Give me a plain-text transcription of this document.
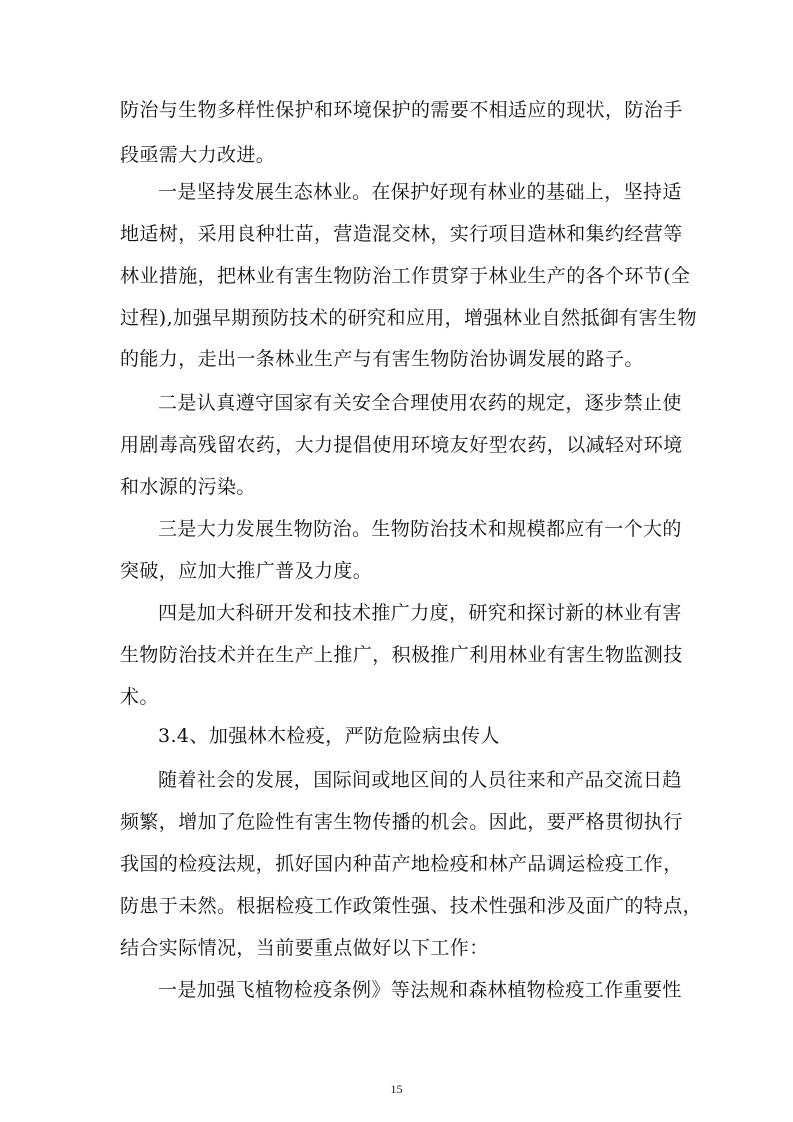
防治与生物多样性保护和环境保护的需要不相适应的现状，防治手
段亟需大力改进。
一是坚持发展生态林业。在保护好现有林业的基础上，坚持适
地适树，采用良种壮苗，营造混交林，实行项目造林和集约经营等
林业措施，把林业有害生物防治工作贯穿于林业生产的各个环节(全
过程),加强早期预防技术的研究和应用，增强林业自然抵御有害生物
的能力，走出一条林业生产与有害生物防治协调发展的路子。
二是认真遵守国家有关安全合理使用农药的规定，逐步禁止使
用剧毒高残留农药，大力提倡使用环境友好型农药，以减轻对环境
和水源的污染。
三是大力发展生物防治。生物防治技术和规模都应有一个大的
突破，应加大推广普及力度。
四是加大科研开发和技术推广力度，研究和探讨新的林业有害
生物防治技术并在生产上推广，积极推广利用林业有害生物监测技
术。
3.4、加强林木检疫，严防危险病虫传人
随着社会的发展，国际间或地区间的人员往来和产品交流日趋
频繁，增加了危险性有害生物传播的机会。因此，要严格贯彻执行
我国的检疫法规，抓好国内种苗产地检疫和林产品调运检疫工作，
防患于未然。根据检疫工作政策性强、技术性强和涉及面广的特点，
结合实际情况，当前要重点做好以下工作：
一是加强飞植物检疫条例》等法规和森林植物检疫工作重要性
15
